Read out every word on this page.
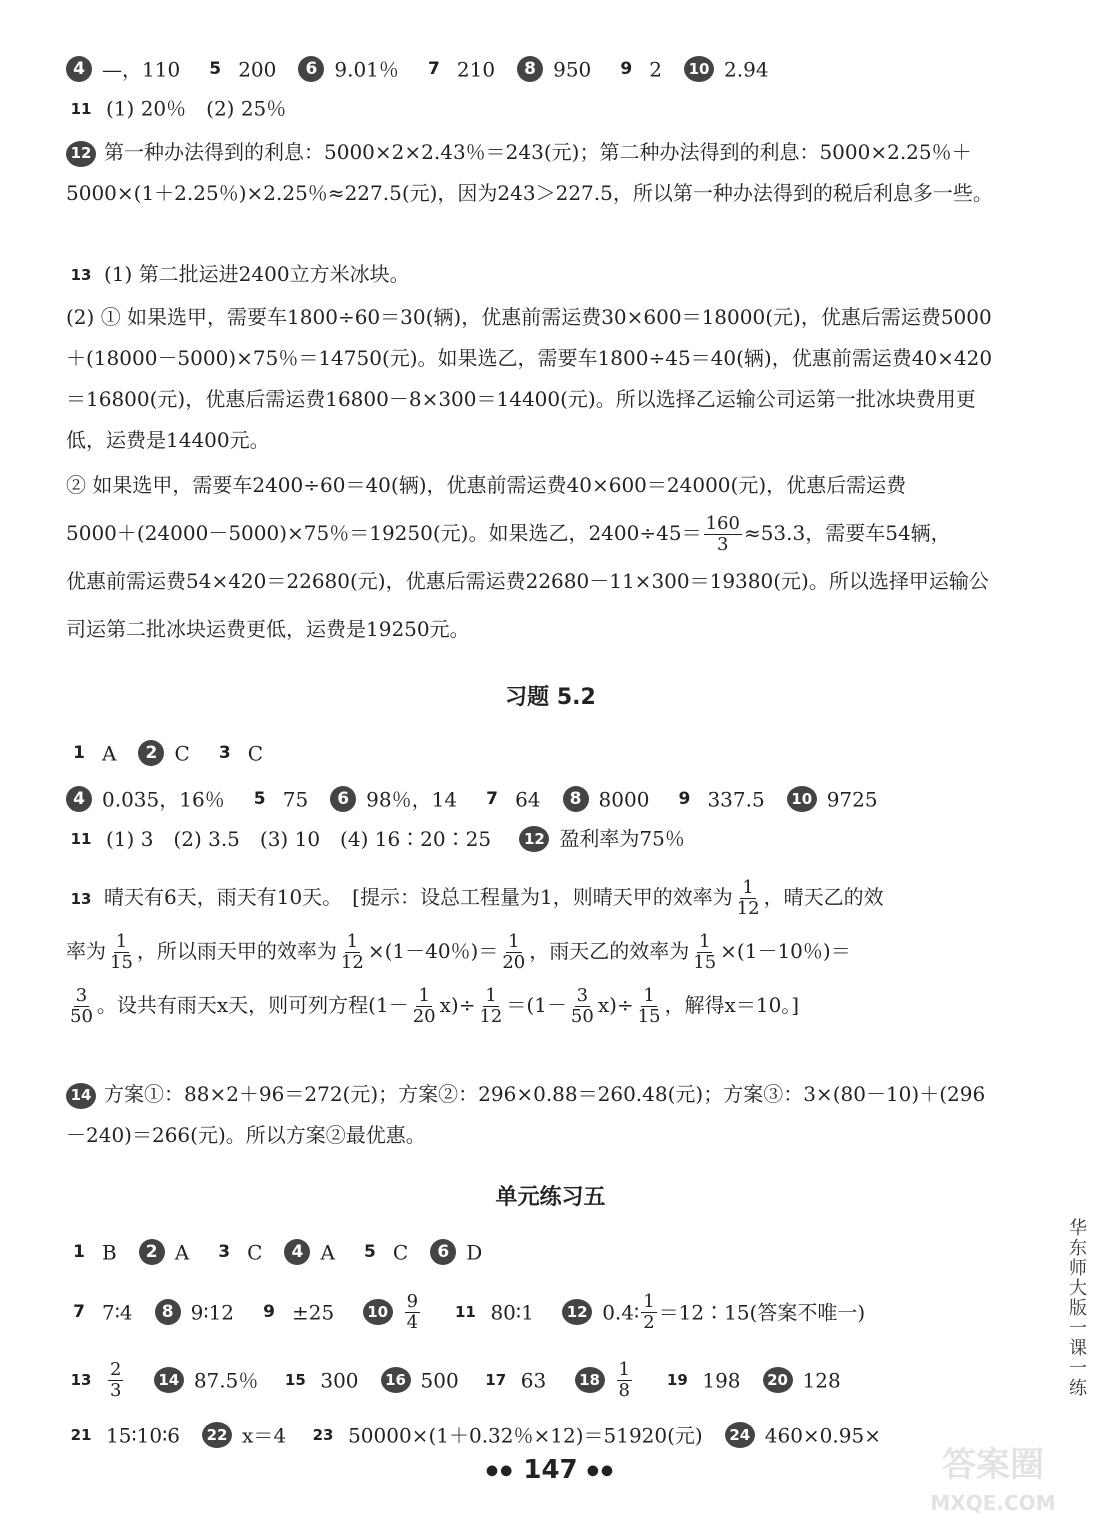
4 —，110 5 200 6 9.01％ 7 210 8 950 9 2 10 2.94
11 (1) 20％　(2) 25％
12 第一种办法得到的利息：5000×2×2.43％＝243(元)；第二种办法得到的利息：5000×2.25％＋5000×(1＋2.25％)×2.25％≈227.5(元)，因为243＞227.5，所以第一种办法得到的税后利息多一些。
13 (1) 第二批运进2400立方米冰块。
(2) ① 如果选甲，需要车1800÷60＝30(辆)，优惠前需运费30×600＝18000(元)，优惠后需运费5000＋(18000－5000)×75％＝14750(元)。如果选乙，需要车1800÷45＝40(辆)，优惠前需运费40×420＝16800(元)，优惠后需运费16800－8×300＝14400(元)。所以选择乙运输公司运第一批冰块费用更低，运费是14400元。
② 如果选甲，需要车2400÷60＝40(辆)，优惠前需运费40×600＝24000(元)，优惠后需运费
5000＋(24000－5000)×75％＝19250(元)。如果选乙，$2400\div 45= \frac{160}{3} \approx 53.3$，需要车54辆，
优惠前需运费54×420＝22680(元)，优惠后需运费22680－11×300＝19380(元)。所以选择甲运输公司运第二批冰块运费更低，运费是19250元。
习题 5.2
1 A 2 C 3 C
4 0.035，16％ 5 75 6 98％，14 7 64 8 8000 9 337.5 10 9725
11 (1) 3　(2) 3.5　(3) 10　(4) 16∶20∶25 12 盈利率为75％
13 晴天有6天，雨天有10天。　[提示：设总工程量为1，则晴天甲的效率为 $\frac{1}{12}$ ，晴天乙的效
率为 $\frac{1}{15}$ ，所以雨天甲的效率为 $\frac{1}{12} \times(1-40$％)＝ $\frac{1}{20}$ ，雨天乙的效率为 $\frac{1}{15} \times(1-10$％)＝

$\frac{3}{50}$ 。设共有雨天x天，则可列方程$(1- \frac{1}{20} x)\div \frac{1}{12} =(1- \frac{3}{50} x)\div \frac{1}{15}$ ，解得x＝10。]
14 方案①：88×2＋96＝272(元)；方案②：296×0.88＝260.48(元)；方案③：3×(80－10)＋(296－240)＝266(元)。所以方案②最优惠。
单元练习五
1 B 2 A 3 C 4 A 5 C 6 D
7 7∶4 8 9∶12 9 ±25 $10 \frac{9}{4} 11$ 80∶1 12 0.4∶ $\frac{1}{2}$ ＝12∶15(答案不唯一)
$13 \frac{2}{3} 14$ 87.5％ 15 300 16 500 17 63 $18 \frac{1}{8} 19$ 198 20 128
21 15∶10∶6 22 x＝4 23 50000×(1＋0.32％×12)＝51920(元) 24 460×0.95×
华东师大版一课一练
●● 147 ●●	答案圈
MXQE.COM
